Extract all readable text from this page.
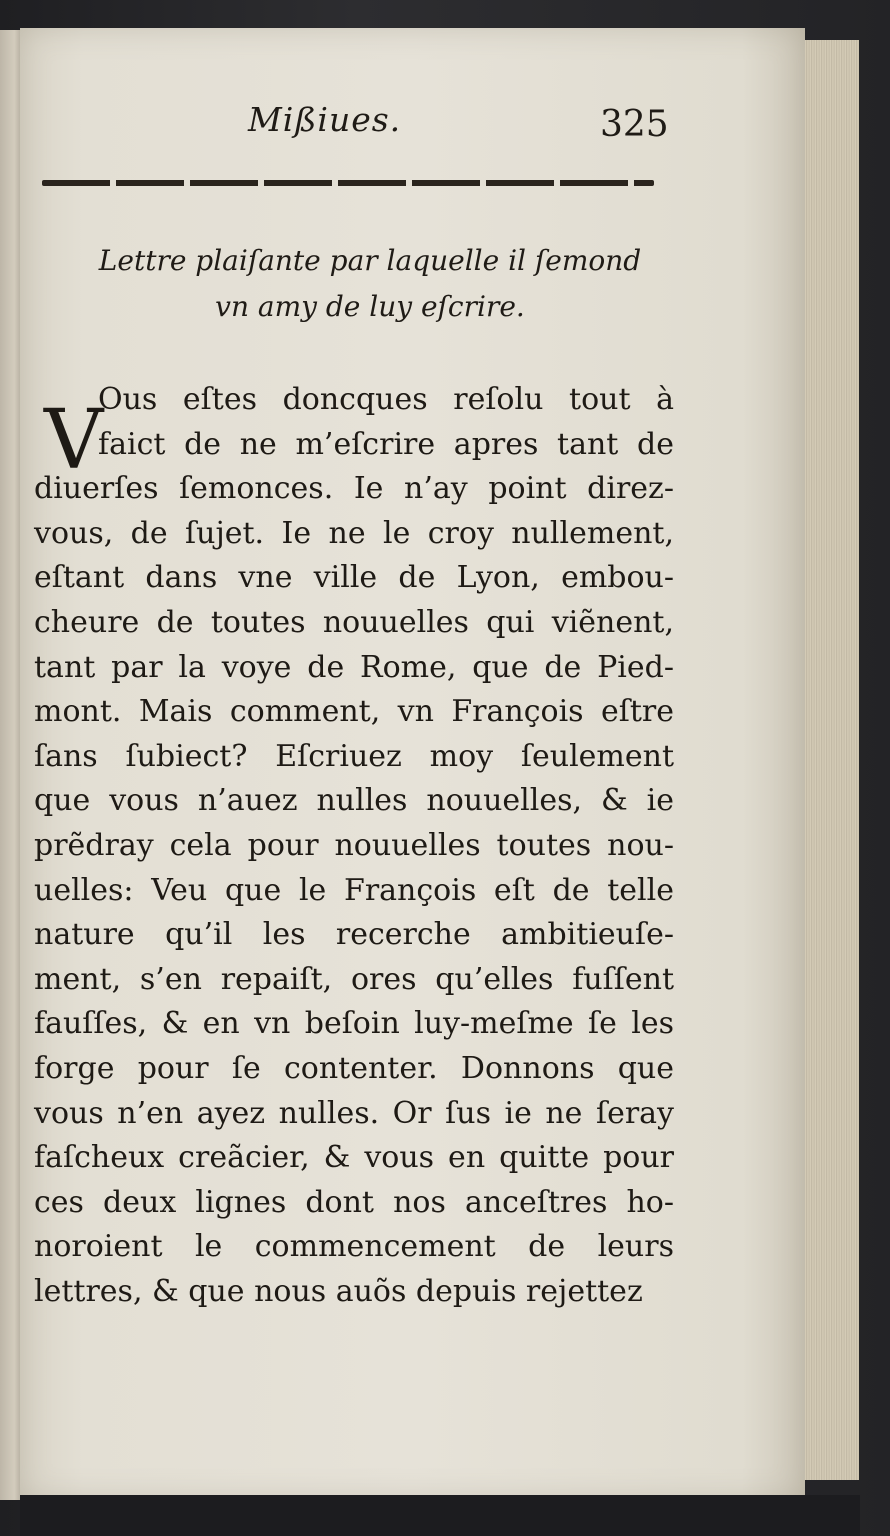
Mißiues.	325
Lettre plaiſante par laquelle il ſemond
vn amy de luy eſcrire.
V
Ous eſtes doncques reſolu tout à
faict de ne m’eſcrire apres tant de
diuerſes ſemonces. Ie n’ay point direz-
vous, de ſujet. Ie ne le croy nullement,
eſtant dans vne ville de Lyon, embou-
cheure de toutes nouuelles qui viẽnent,
tant par la voye de Rome, que de Pied-
mont. Mais comment, vn François eſtre
ſans ſubiect? Eſcriuez moy ſeulement
que vous n’auez nulles nouuelles, & ie
prẽdray cela pour nouuelles toutes nou-
uelles: Veu que le François eſt de telle
nature qu’il les recerche ambitieuſe-
ment, s’en repaiſt, ores qu’elles fuſſent
fauſſes, & en vn beſoin luy-meſme ſe les
forge pour ſe contenter. Donnons que
vous n’en ayez nulles. Or ſus ie ne ſeray
faſcheux creãcier, & vous en quitte pour
ces deux lignes dont nos anceſtres ho-
noroient le commencement de leurs
lettres, & que nous auõs depuis rejettez
